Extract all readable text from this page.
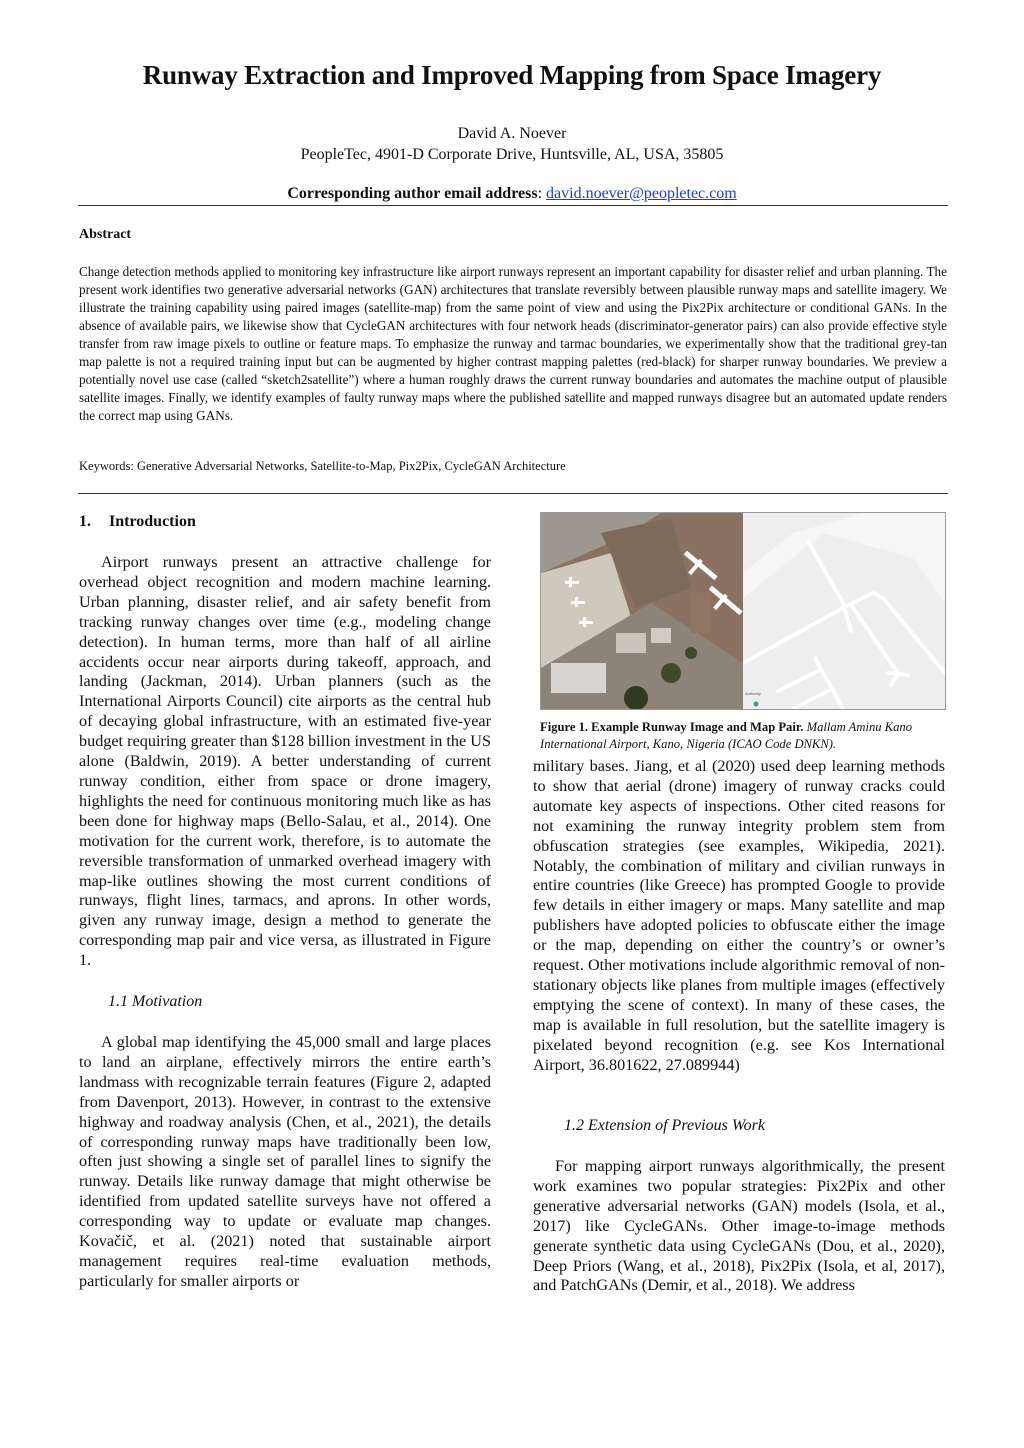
Runway Extraction and Improved Mapping from Space Imagery
David A. Noever
PeopleTec, 4901-D Corporate Drive, Huntsville, AL, USA, 35805
Corresponding author email address: david.noever@peopletec.com
Abstract
Change detection methods applied to monitoring key infrastructure like airport runways represent an important capability for disaster relief and urban planning. The present work identifies two generative adversarial networks (GAN) architectures that translate reversibly between plausible runway maps and satellite imagery. We illustrate the training capability using paired images (satellite-map) from the same point of view and using the Pix2Pix architecture or conditional GANs. In the absence of available pairs, we likewise show that CycleGAN architectures with four network heads (discriminator-generator pairs) can also provide effective style transfer from raw image pixels to outline or feature maps. To emphasize the runway and tarmac boundaries, we experimentally show that the traditional grey-tan map palette is not a required training input but can be augmented by higher contrast mapping palettes (red-black) for sharper runway boundaries. We preview a potentially novel use case (called “sketch2satellite”) where a human roughly draws the current runway boundaries and automates the machine output of plausible satellite images. Finally, we identify examples of faulty runway maps where the published satellite and mapped runways disagree but an automated update renders the correct map using GANs.
Keywords: Generative Adversarial Networks, Satellite-to-Map, Pix2Pix, CycleGAN Architecture
1. Introduction

Airport runways present an attractive challenge for overhead object recognition and modern machine learning. Urban planning, disaster relief, and air safety benefit from tracking runway changes over time (e.g., modeling change detection). In human terms, more than half of all airline accidents occur near airports during takeoff, approach, and landing (Jackman, 2014). Urban planners (such as the International Airports Council) cite airports as the central hub of decaying global infrastructure, with an estimated five-year budget requiring greater than $128 billion investment in the US alone (Baldwin, 2019). A better understanding of current runway condition, either from space or drone imagery, highlights the need for continuous monitoring much like as has been done for highway maps (Bello-Salau, et al., 2014). One motivation for the current work, therefore, is to automate the reversible transformation of unmarked overhead imagery with map-like outlines showing the most current conditions of runways, flight lines, tarmacs, and aprons. In other words, given any runway image, design a method to generate the corresponding map pair and vice versa, as illustrated in Figure 1.

1.1 Motivation

A global map identifying the 45,000 small and large places to land an airplane, effectively mirrors the entire earth’s landmass with recognizable terrain features (Figure 2, adapted from Davenport, 2013). However, in contrast to the extensive highway and roadway analysis (Chen, et al., 2021), the details of corresponding runway maps have traditionally been low, often just showing a single set of parallel lines to signify the runway. Details like runway damage that might otherwise be identified from updated satellite surveys have not offered a corresponding way to update or evaluate map changes. Kovačič, et al. (2021) noted that sustainable airport management requires real-time evaluation methods, particularly for smaller airports or

Authority
Figure 1. Example Runway Image and Map Pair. Mallam Aminu Kano International Airport, Kano, Nigeria (ICAO Code DNKN).

military bases. Jiang, et al (2020) used deep learning methods to show that aerial (drone) imagery of runway cracks could automate key aspects of inspections. Other cited reasons for not examining the runway integrity problem stem from obfuscation strategies (see examples, Wikipedia, 2021). Notably, the combination of military and civilian runways in entire countries (like Greece) has prompted Google to provide few details in either imagery or maps. Many satellite and map publishers have adopted policies to obfuscate either the image or the map, depending on either the country’s or owner’s request. Other motivations include algorithmic removal of non-stationary objects like planes from multiple images (effectively emptying the scene of context). In many of these cases, the map is available in full resolution, but the satellite imagery is pixelated beyond recognition (e.g. see Kos International Airport, 36.801622, 27.089944)

1.2 Extension of Previous Work

For mapping airport runways algorithmically, the present work examines two popular strategies: Pix2Pix and other generative adversarial networks (GAN) models (Isola, et al., 2017) like CycleGANs. Other image-to-image methods generate synthetic data using CycleGANs (Dou, et al., 2020), Deep Priors (Wang, et al., 2018), Pix2Pix (Isola, et al, 2017), and PatchGANs (Demir, et al., 2018). We address
